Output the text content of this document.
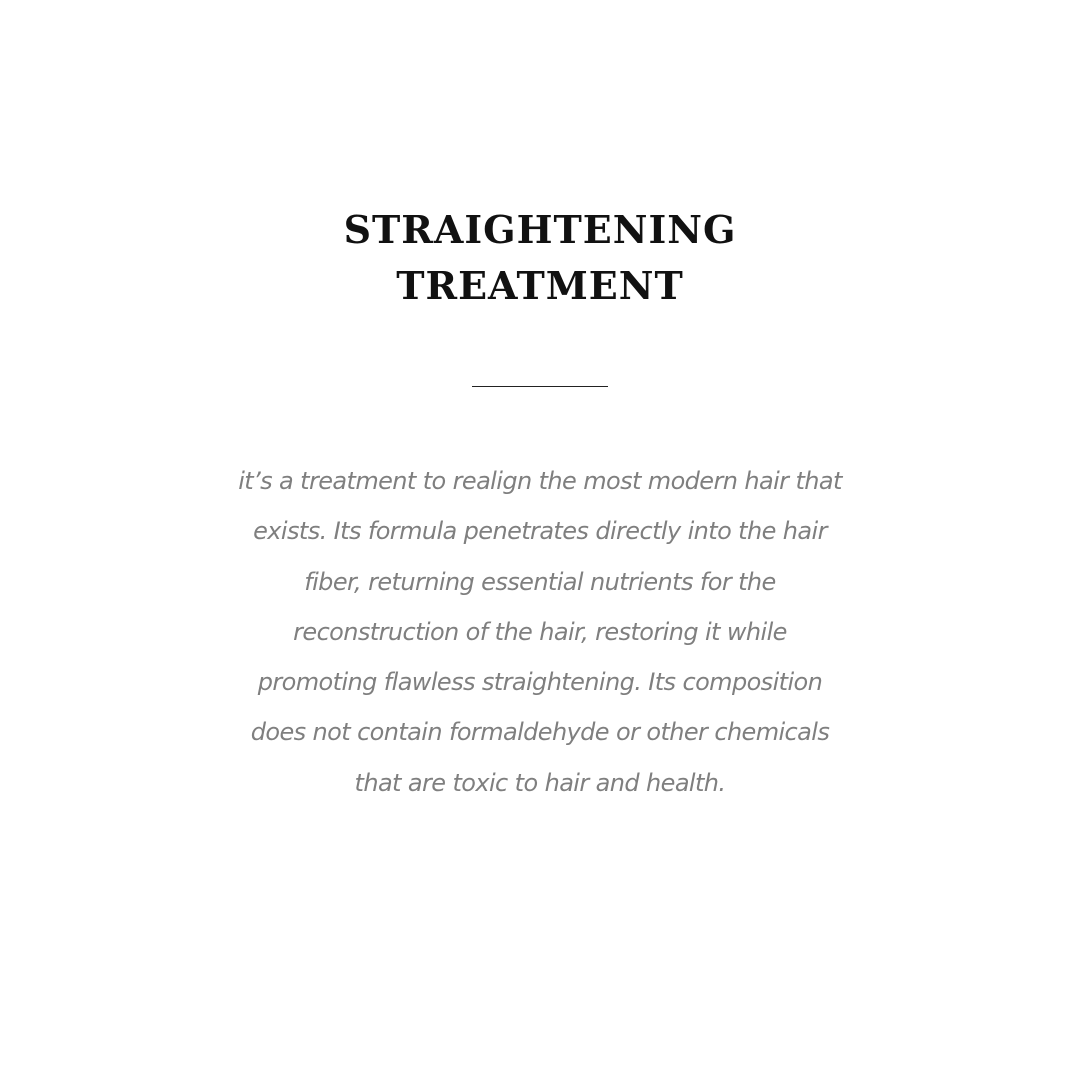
STRAIGHTENING
TREATMENT

it’s a treatment to realign the most modern hair that
exists. Its formula penetrates directly into the hair
fiber, returning essential nutrients for the
reconstruction of the hair, restoring it while
promoting flawless straightening. Its composition
does not contain formaldehyde or other chemicals
that are toxic to hair and health.
